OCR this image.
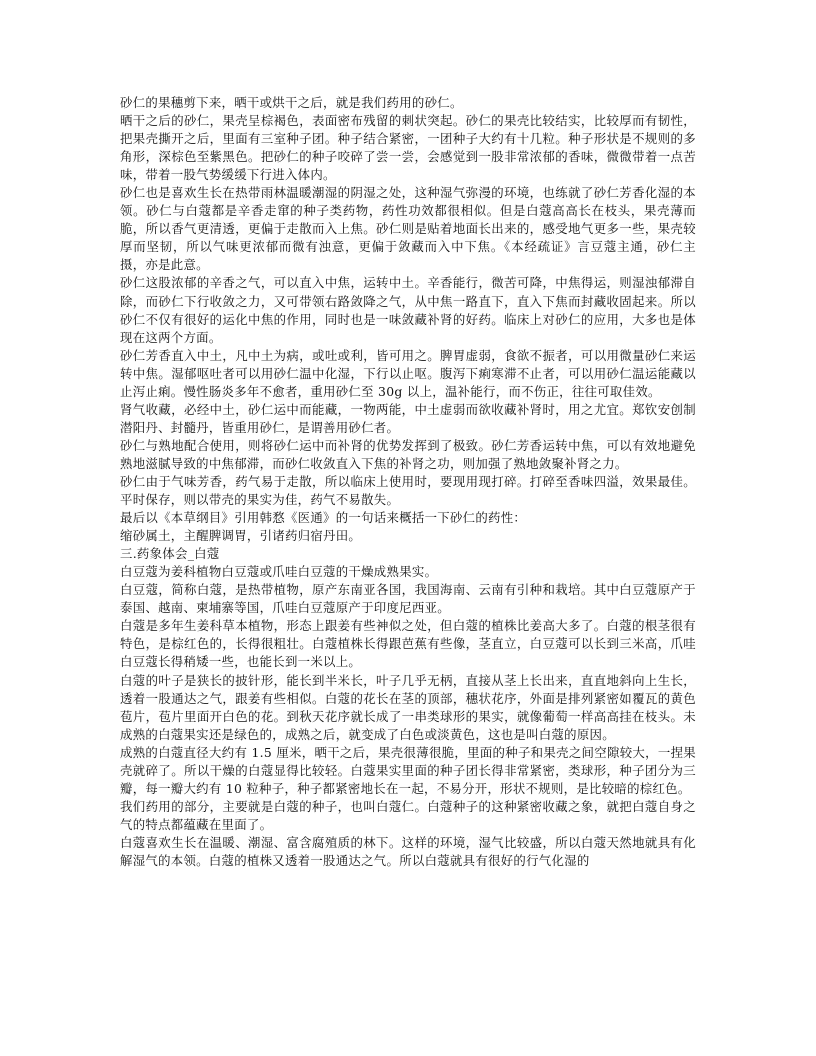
砂仁的果穗剪下来，晒干或烘干之后，就是我们药用的砂仁。

晒干之后的砂仁，果壳呈棕褐色，表面密布残留的刺状突起。砂仁的果壳比较结实，比较厚而有韧性，把果壳撕开之后，里面有三室种子团。种子结合紧密，一团种子大约有十几粒。种子形状是不规则的多角形，深棕色至紫黑色。把砂仁的种子咬碎了尝一尝，会感觉到一股非常浓郁的香味，微微带着一点苦味，带着一股气势缓缓下行进入体内。

砂仁也是喜欢生长在热带雨林温暖潮湿的阴湿之处，这种湿气弥漫的环境，也练就了砂仁芳香化湿的本领。砂仁与白蔻都是辛香走窜的种子类药物，药性功效都很相似。但是白蔻高高长在枝头，果壳薄而脆，所以香气更清透，更偏于走散而入上焦。砂仁则是贴着地面长出来的，感受地气更多一些，果壳较厚而坚韧，所以气味更浓郁而微有浊意，更偏于敛藏而入中下焦。《本经疏证》言豆蔻主通，砂仁主摄，亦是此意。

砂仁这股浓郁的辛香之气，可以直入中焦，运转中土。辛香能行，微苦可降，中焦得运，则湿浊郁滞自除，而砂仁下行收敛之力，又可带领右路敛降之气，从中焦一路直下，直入下焦而封藏收固起来。所以砂仁不仅有很好的运化中焦的作用，同时也是一味敛藏补肾的好药。临床上对砂仁的应用，大多也是体现在这两个方面。

砂仁芳香直入中土，凡中土为病，或吐或利，皆可用之。脾胃虚弱，食欲不振者，可以用微量砂仁来运转中焦。湿郁呕吐者可以用砂仁温中化湿，下行以止呕。腹泻下痢寒滞不止者，可以用砂仁温运能藏以止泻止痢。慢性肠炎多年不愈者，重用砂仁至 30g 以上，温补能行，而不伤正，往往可取佳效。

肾气收藏，必经中土，砂仁运中而能藏，一物两能，中土虚弱而欲收藏补肾时，用之尤宜。郑钦安创制潜阳丹、封髓丹，皆重用砂仁，是谓善用砂仁者。

砂仁与熟地配合使用，则将砂仁运中而补肾的优势发挥到了极致。砂仁芳香运转中焦，可以有效地避免熟地滋腻导致的中焦郁滞，而砂仁收敛直入下焦的补肾之功，则加强了熟地敛聚补肾之力。

砂仁由于气味芳香，药气易于走散，所以临床上使用时，要现用现打碎。打碎至香味四溢，效果最佳。平时保存，则以带壳的果实为佳，药气不易散失。

最后以《本草纲目》引用韩愗《医通》的一句话来概括一下砂仁的药性：

缩砂属土，主醒脾调胃，引诸药归宿丹田。

三.药象体会_白蔻

白豆蔻为姜科植物白豆蔻或爪哇白豆蔻的干燥成熟果实。

白豆蔻，简称白蔻，是热带植物，原产东南亚各国，我国海南、云南有引种和栽培。其中白豆蔻原产于泰国、越南、柬埔寨等国，爪哇白豆蔻原产于印度尼西亚。

白蔻是多年生姜科草本植物，形态上跟姜有些神似之处，但白蔻的植株比姜高大多了。白蔻的根茎很有特色，是棕红色的，长得很粗壮。白蔻植株长得跟芭蕉有些像，茎直立，白豆蔻可以长到三米高，爪哇白豆蔻长得稍矮一些，也能长到一米以上。

白蔻的叶子是狭长的披针形，能长到半米长，叶子几乎无柄，直接从茎上长出来，直直地斜向上生长，透着一股通达之气，跟姜有些相似。白蔻的花长在茎的顶部，穗状花序，外面是排列紧密如覆瓦的黄色苞片，苞片里面开白色的花。到秋天花序就长成了一串类球形的果实，就像葡萄一样高高挂在枝头。未成熟的白蔻果实还是绿色的，成熟之后，就变成了白色或淡黄色，这也是叫白蔻的原因。

成熟的白蔻直径大约有 1.5 厘米，晒干之后，果壳很薄很脆，里面的种子和果壳之间空隙较大，一捏果壳就碎了。所以干燥的白蔻显得比较轻。白蔻果实里面的种子团长得非常紧密，类球形，种子团分为三瓣，每一瓣大约有 10 粒种子，种子都紧密地长在一起，不易分开，形状不规则，是比较暗的棕红色。

我们药用的部分，主要就是白蔻的种子，也叫白蔻仁。白蔻种子的这种紧密收藏之象，就把白蔻自身之气的特点都蕴藏在里面了。

白蔻喜欢生长在温暖、潮湿、富含腐殖质的林下。这样的环境，湿气比较盛，所以白蔻天然地就具有化解湿气的本领。白蔻的植株又透着一股通达之气。所以白蔻就具有很好的行气化湿的
